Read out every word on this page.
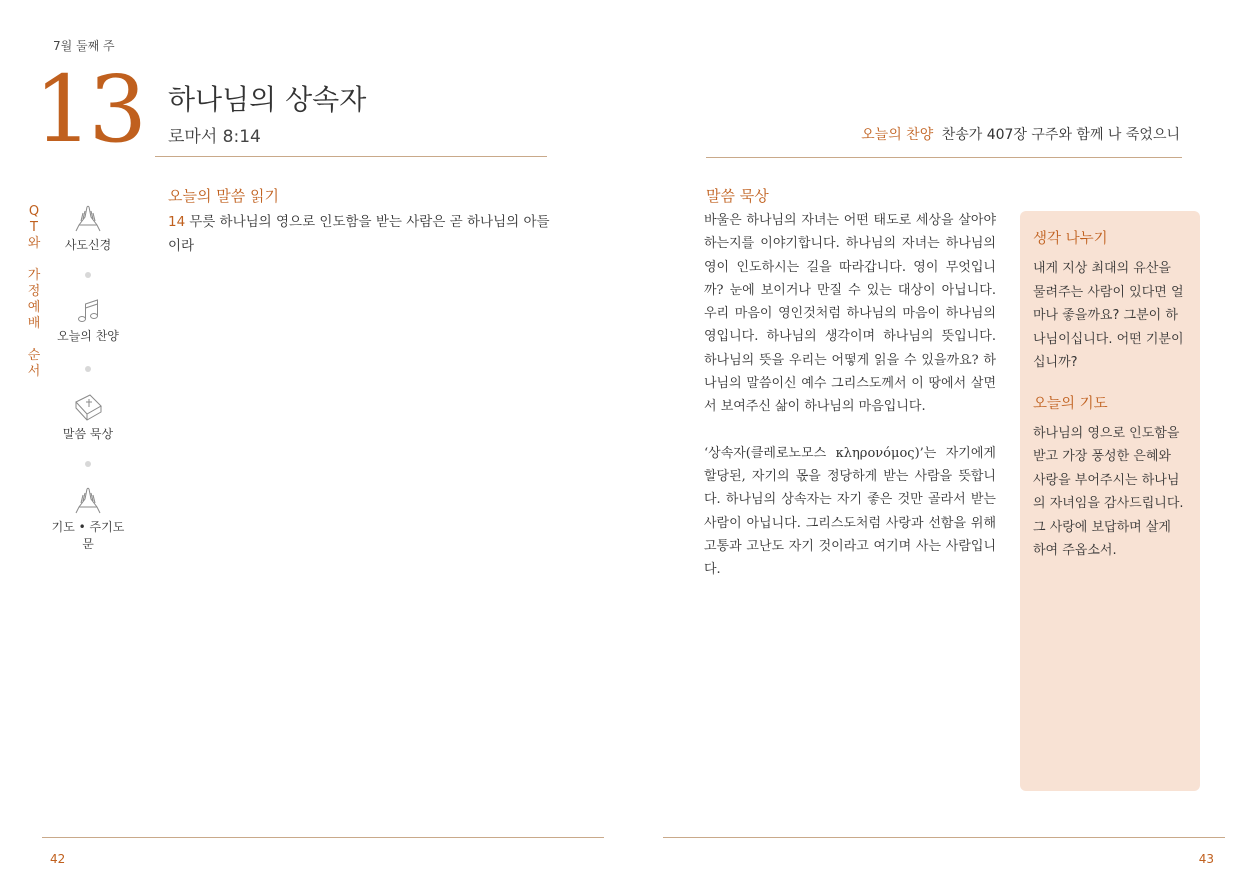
7월 둘째 주
13 하나님의 상속자
로마서 8:14	오늘의 찬양 찬송가 407장 구주와 함께 나 죽었으니
Q
T
와
가
정
예
배
순
서
사도신경
오늘의 찬양
말씀 묵상
기도 • 주기도문
오늘의 말씀 읽기
14 무릇 하나님의 영으로 인도함을 받는 사람은 곧 하나님의 아들이라
말씀 묵상

바울은 하나님의 자녀는 어떤 태도로 세상을 살아야 하는지를 이야기합니다. 하나님의 자녀는 하나님의 영이 인도하시는 길을 따라갑니다. 영이 무엇입니까? 눈에 보이거나 만질 수 있는 대상이 아닙니다. 우리 마음이 영인것처럼 하나님의 마음이 하나님의 영입니다. 하나님의 생각이며 하나님의 뜻입니다. 하나님의 뜻을 우리는 어떻게 읽을 수 있을까요? 하나님의 말씀이신 예수 그리스도께서 이 땅에서 살면서 보여주신 삶이 하나님의 마음입니다.

‘상속자(클레로노모스 κληρονόμος)’는 자기에게 할당된, 자기의 몫을 정당하게 받는 사람을 뜻합니다. 하나님의 상속자는 자기 좋은 것만 골라서 받는 사람이 아닙니다. 그리스도처럼 사랑과 선함을 위해 고통과 고난도 자기 것이라고 여기며 사는 사람입니다.

생각 나누기

내게 지상 최대의 유산을 물려주는 사람이 있다면 얼마나 좋을까요? 그분이 하나님이십니다. 어떤 기분이십니까?

오늘의 기도

하나님의 영으로 인도함을 받고 가장 풍성한 은혜와 사랑을 부어주시는 하나님의 자녀임을 감사드립니다. 그 사랑에 보답하며 살게 하여 주옵소서.

42	43
